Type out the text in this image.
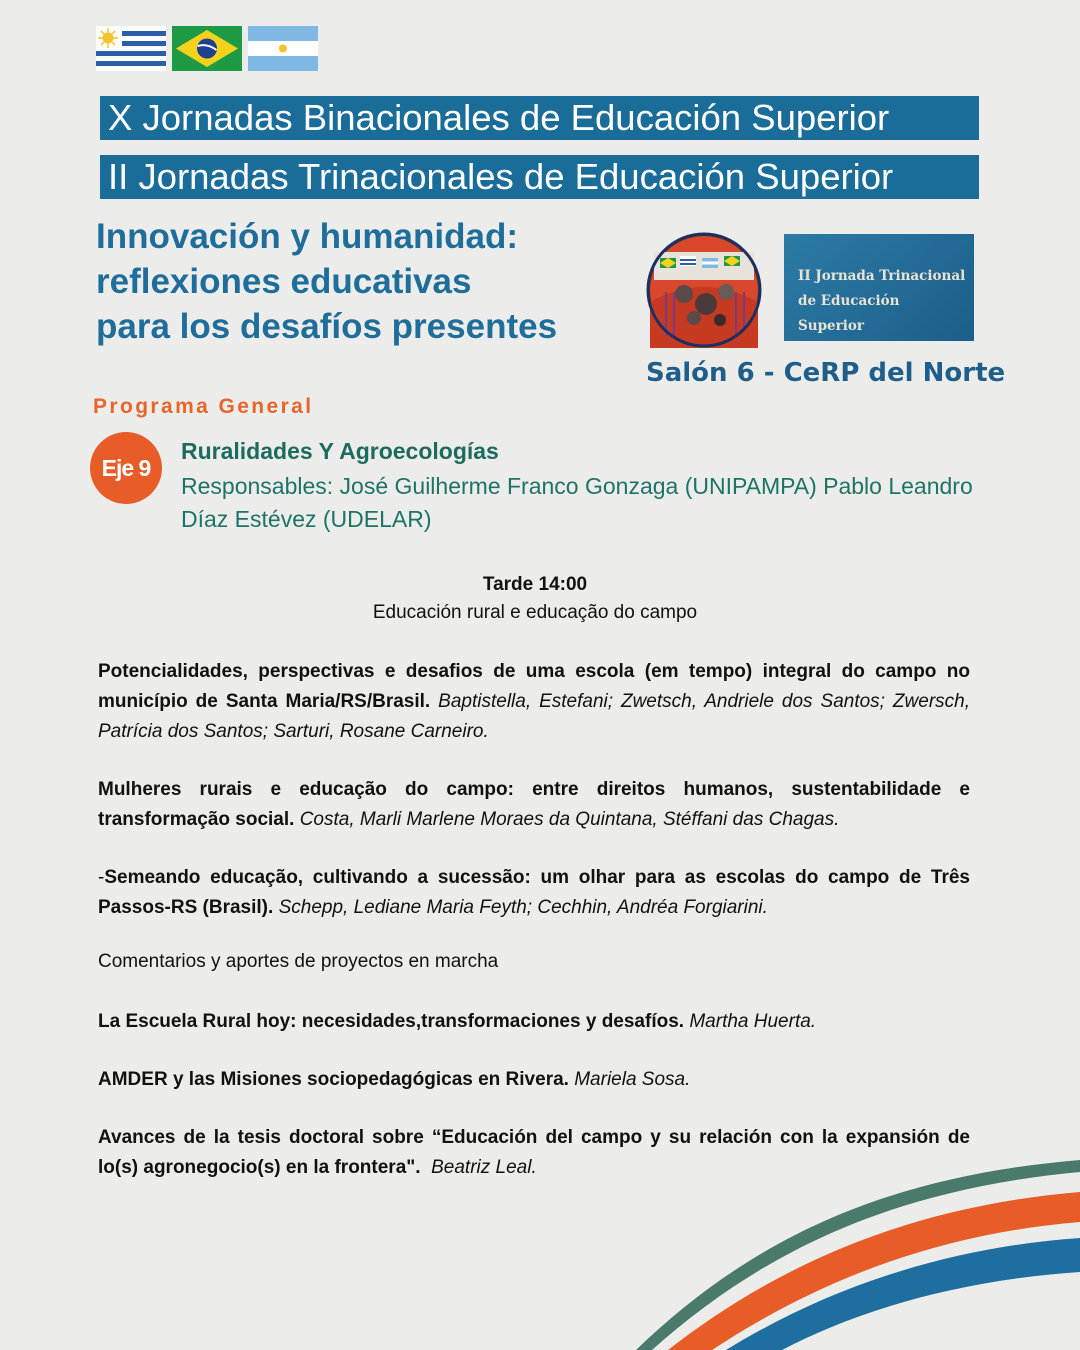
X Jornadas Binacionales de Educación Superior
II Jornadas Trinacionales de Educación Superior
Innovación y humanidad:
reflexiones educativas
para los desafíos presentes
II Jornada Trinacional
de Educación Superior
Salón 6 - CeRP del Norte
Programa General
Eje 9
Ruralidades Y Agroecologías
Responsables: José Guilherme Franco Gonzaga (UNIPAMPA) Pablo Leandro Díaz Estévez (UDELAR)
Tarde 14:00
Educación rural e educação do campo
Potencialidades, perspectivas e desafios de uma escola (em tempo) integral do campo no município de Santa Maria/RS/Brasil. Baptistella, Estefani; Zwetsch, Andriele dos Santos; Zwersch, Patrícia dos Santos; Sarturi, Rosane Carneiro.
Mulheres rurais e educação do campo: entre direitos humanos, sustentabilidade e transformação social. Costa, Marli Marlene Moraes da Quintana, Stéffani das Chagas.
-Semeando educação, cultivando a sucessão: um olhar para as escolas do campo de Três Passos-RS (Brasil). Schepp, Lediane Maria Feyth; Cechhin, Andréa Forgiarini.
Comentarios y aportes de proyectos en marcha
La Escuela Rural hoy: necesidades,transformaciones y desafíos. Martha Huerta.
AMDER y las Misiones sociopedagógicas en Rivera. Mariela Sosa.
Avances de la tesis doctoral sobre “Educación del campo y su relación con la expansión de lo(s) agronegocio(s) en la frontera". Beatriz Leal.
